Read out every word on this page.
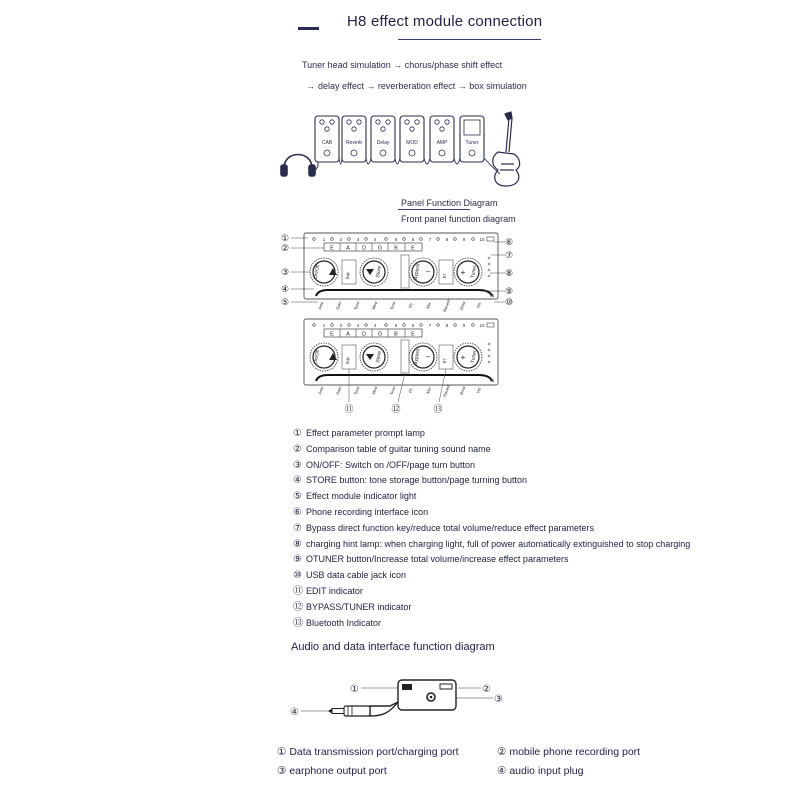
H8 effect module connection
Tuner head simulation → chorus/phase shift effect
→ delay effect → reverberation effect → box simulation
CAB	Reverb	Delay	MOD	AMP	Tuner
Panel Function Diagram
Front panel function diagram
1	2	3	4	5	6	7	8	9	10
E A D G B E
On/Off	Store
Edit	Bypass –	BT	Tuner
+
⇆
Amp	Gain	Tone	Mod	Tone	Fb	Mix	Reverb Rmix Vol
①
②
③
④
⑤
⑥
⑦
⑧
⑨
⑩
1	2	3	4	5	6	7	8	9	10
E A D G B E
On/Off	Store
Edit	Bypass –	BT	Tuner
+
⇆
Amp	Gain	Tone	Mod	Tone	Fb	Mix	Reverb Rmix Vol
⑪	⑫	⑬
① Effect parameter prompt lamp
② Comparison table of guitar tuning sound name
③ ON/OFF: Switch on /OFF/page turn button
④ STORE button: tone storage button/page turning button
⑤ Effect module indicator light
⑥ Phone recording interface icon
⑦ Bypass direct function key/reduce total volume/reduce effect parameters
⑧ charging hint lamp: when charging light, full of power automatically extinguished to stop charging
⑨ OTUNER button/Increase total volume/increase effect parameters
⑩ USB data cable jack icon
⑪ EDIT indicator
⑫ BYPASS/TUNER indicator
⑬ Bluetooth Indicator
Audio and data interface function diagram
①	②
③
④
① Data transmission port/charging port	② mobile phone recording port
③ earphone output port	④ audio input plug
